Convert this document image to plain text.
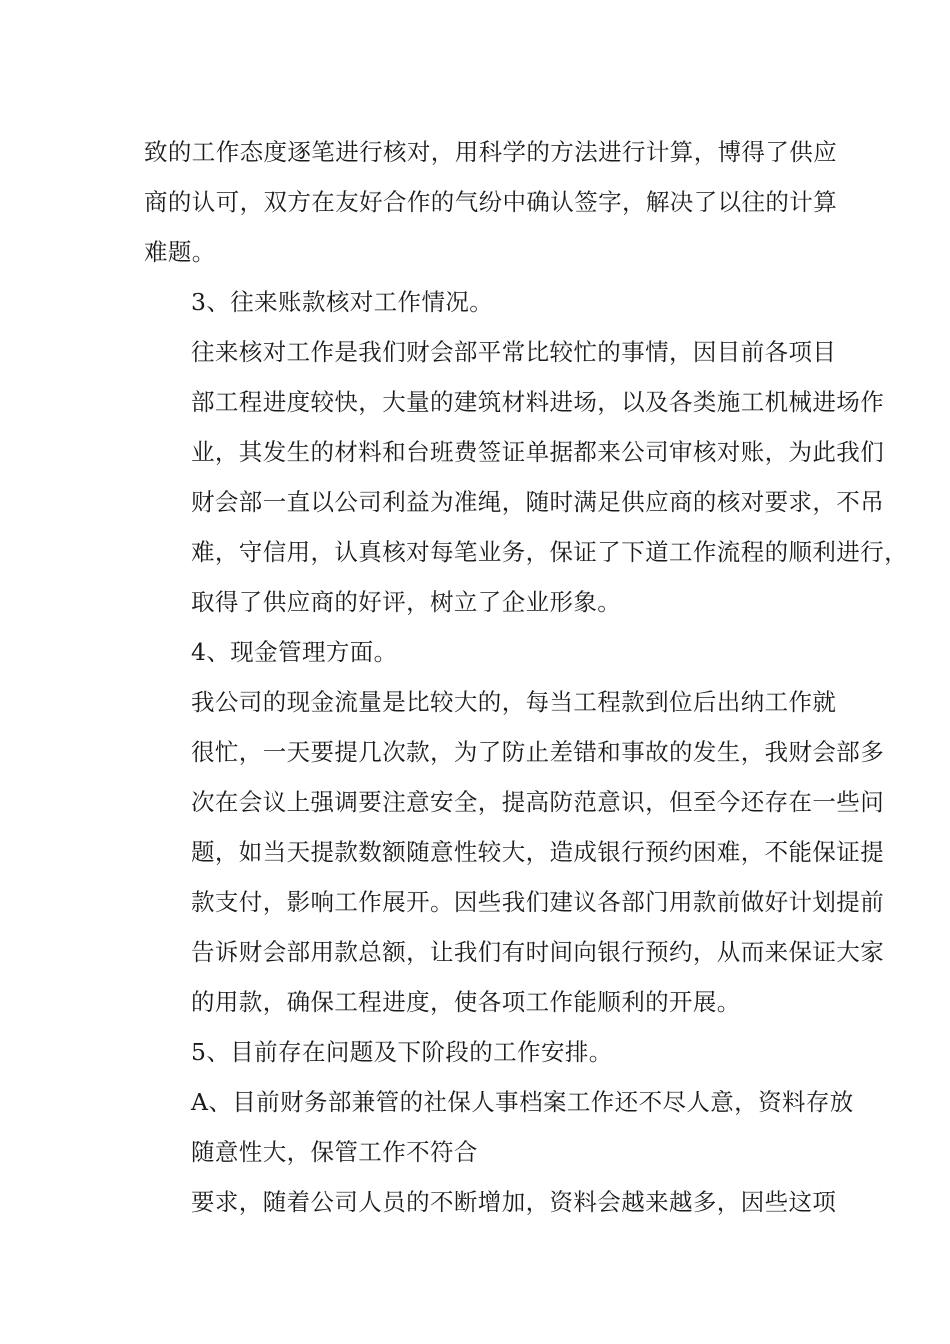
致的工作态度逐笔进行核对，用科学的方法进行计算，博得了供应
商的认可，双方在友好合作的气纷中确认签字，解决了以往的计算
难题。

3、往来账款核对工作情况。

往来核对工作是我们财会部平常比较忙的事情，因目前各项目
部工程进度较快，大量的建筑材料进场，以及各类施工机械进场作
业，其发生的材料和台班费签证单据都来公司审核对账，为此我们
财会部一直以公司利益为准绳，随时满足供应商的核对要求，不吊
难，守信用，认真核对每笔业务，保证了下道工作流程的顺利进行，
取得了供应商的好评，树立了企业形象。

4、现金管理方面。

我公司的现金流量是比较大的，每当工程款到位后出纳工作就
很忙，一天要提几次款，为了防止差错和事故的发生，我财会部多
次在会议上强调要注意安全，提高防范意识，但至今还存在一些问
题，如当天提款数额随意性较大，造成银行预约困难，不能保证提
款支付，影响工作展开。因些我们建议各部门用款前做好计划提前
告诉财会部用款总额，让我们有时间向银行预约，从而来保证大家
的用款，确保工程进度，使各项工作能顺利的开展。

5、目前存在问题及下阶段的工作安排。

A、目前财务部兼管的社保人事档案工作还不尽人意，资料存放
随意性大，保管工作不符合

要求，随着公司人员的不断增加，资料会越来越多，因些这项
